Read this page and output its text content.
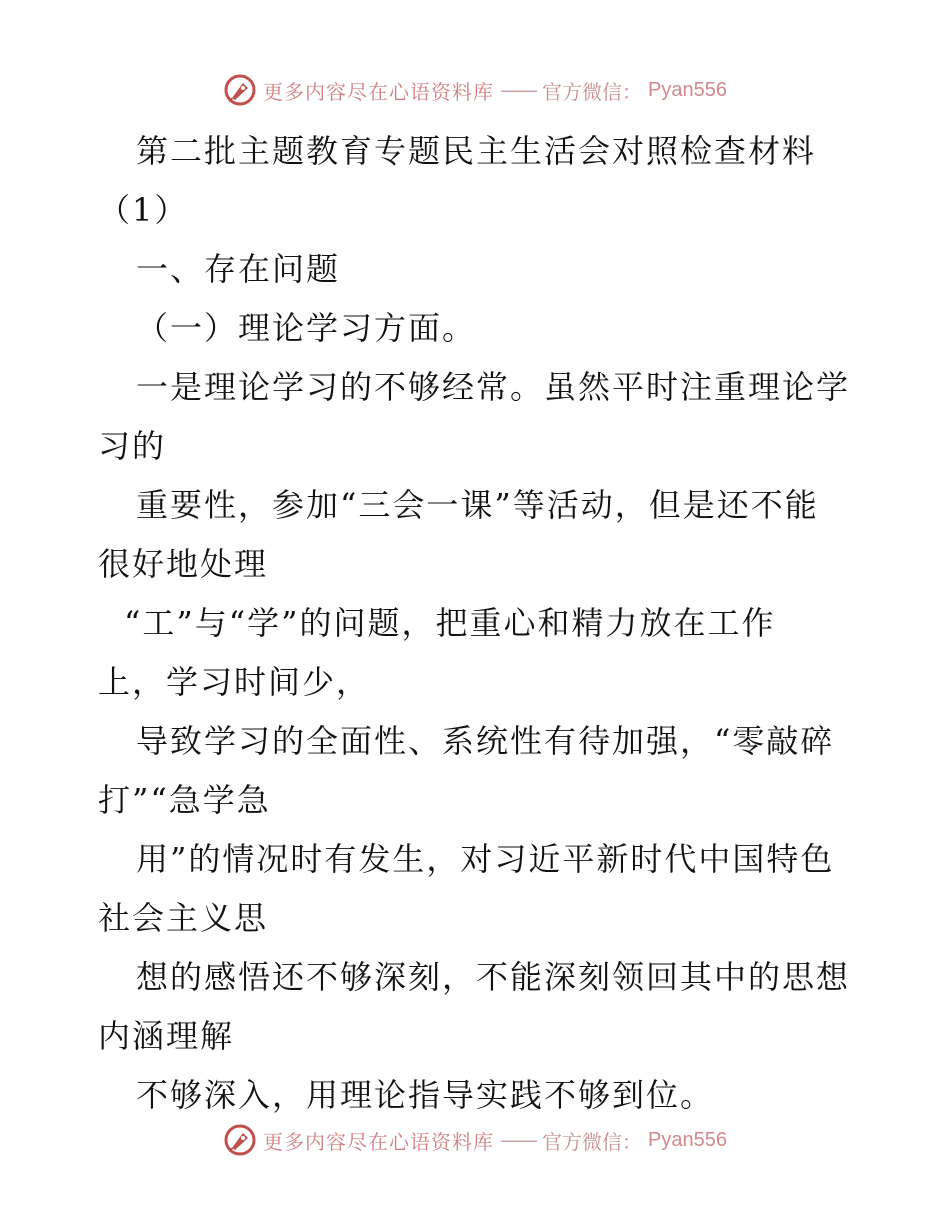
更多内容尽在心语资料库 —— 官方微信： Pyan556
第二批主题教育专题民主生活会对照检查材料
（1）
一、存在问题
（一）理论学习方面。
一是理论学习的不够经常。虽然平时注重理论学
习的
重要性，参加“三会一课”等活动，但是还不能
很好地处理
“工”与“学”的问题，把重心和精力放在工作
上，学习时间少，
导致学习的全面性、系统性有待加强，“零敲碎
打”“急学急
用”的情况时有发生，对习近平新时代中国特色
社会主义思
想的感悟还不够深刻，不能深刻领回其中的思想
内涵理解
不够深入，用理论指导实践不够到位。
更多内容尽在心语资料库 —— 官方微信： Pyan556
